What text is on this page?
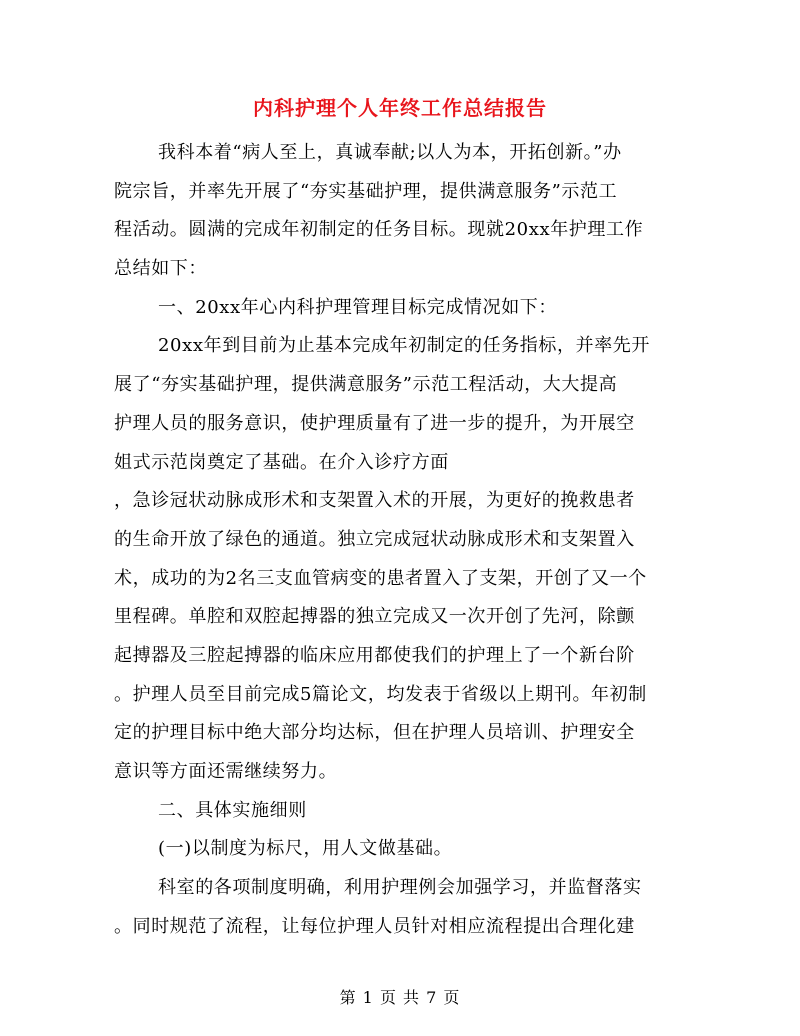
内科护理个人年终工作总结报告
我科本着“病人至上，真诚奉献;以人为本，开拓创新。”办
院宗旨，并率先开展了“夯实基础护理，提供满意服务”示范工
程活动。圆满的完成年初制定的任务目标。现就20xx年护理工作
总结如下：
一、20xx年心内科护理管理目标完成情况如下：
20xx年到目前为止基本完成年初制定的任务指标，并率先开
展了“夯实基础护理，提供满意服务”示范工程活动，大大提高
护理人员的服务意识，使护理质量有了进一步的提升，为开展空
姐式示范岗奠定了基础。在介入诊疗方面
，急诊冠状动脉成形术和支架置入术的开展，为更好的挽救患者
的生命开放了绿色的通道。独立完成冠状动脉成形术和支架置入
术，成功的为2名三支血管病变的患者置入了支架，开创了又一个
里程碑。单腔和双腔起搏器的独立完成又一次开创了先河，除颤
起搏器及三腔起搏器的临床应用都使我们的护理上了一个新台阶
。护理人员至目前完成5篇论文，均发表于省级以上期刊。年初制
定的护理目标中绝大部分均达标，但在护理人员培训、护理安全
意识等方面还需继续努力。
二、具体实施细则
(一)以制度为标尺，用人文做基础。
科室的各项制度明确，利用护理例会加强学习，并监督落实
。同时规范了流程，让每位护理人员针对相应流程提出合理化建
第 1 页 共 7 页
